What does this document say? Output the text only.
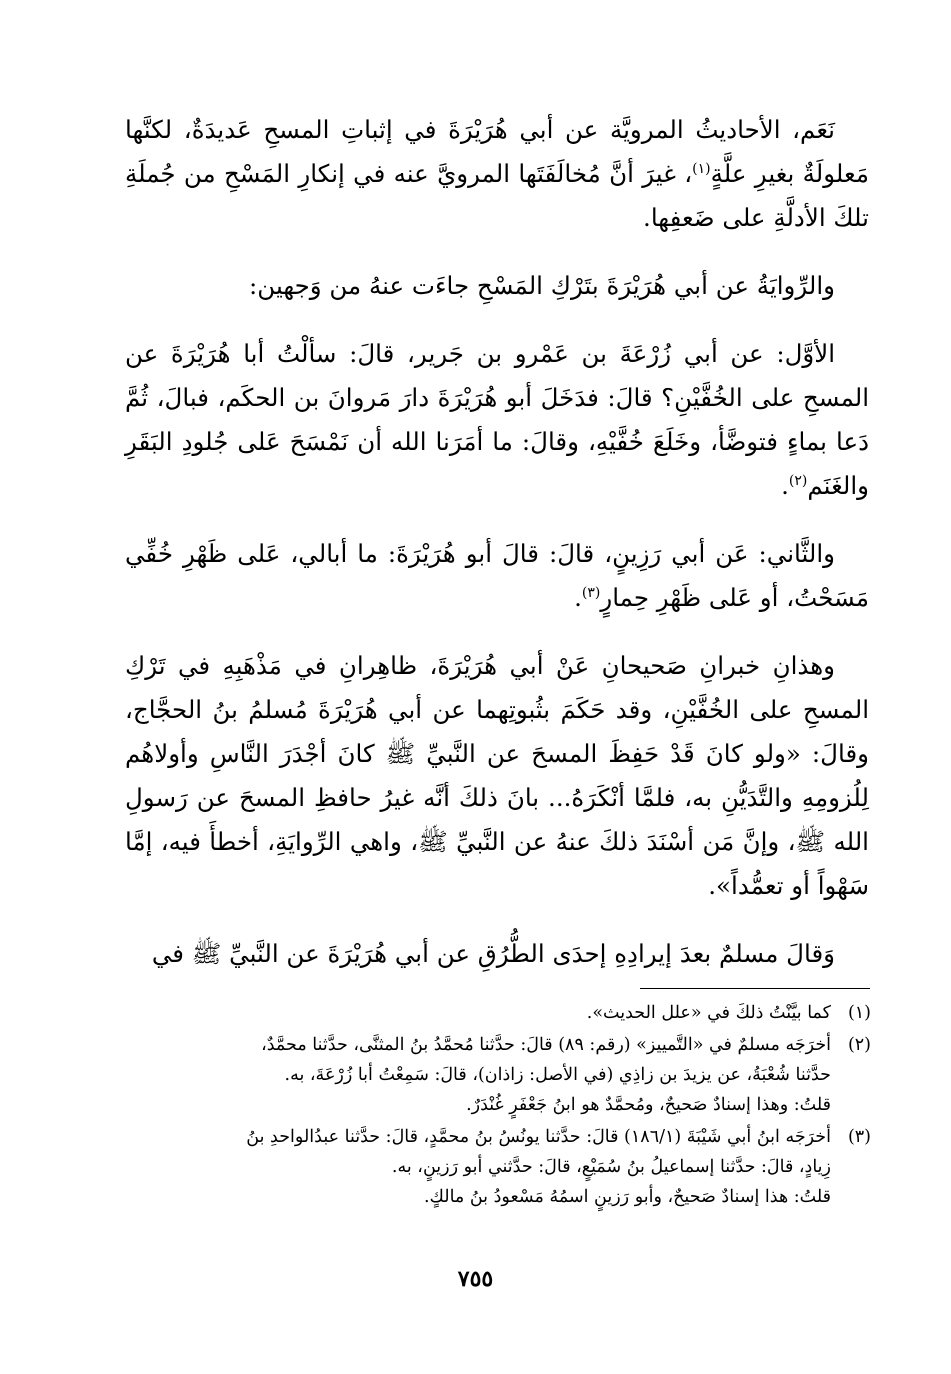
نَعَم، الأحاديثُ المرويَّة عن أبي هُرَيْرَةَ في إثباتِ المسحِ عَديدَةٌ، لكنَّها مَعلولَةٌ بغيرِ علَّةٍ$^{(١)}$، غيرَ أنَّ مُخالَفَتَها المرويَّ عنه في إنكارِ المَسْحِ من جُملَةِ تلكَ الأدلَّةِ على ضَعفِها.

والرِّوايَةُ عن أبي هُرَيْرَةَ بتَرْكِ المَسْحِ جاءَت عنهُ من وَجهين:

الأوَّل: عن أبي زُرْعَةَ بن عَمْرو بن جَرير، قالَ: سألْتُ أبا هُرَيْرَةَ عن المسحِ على الخُفَّيْنِ؟ قالَ: فدَخَلَ أبو هُرَيْرَةَ دارَ مَروانَ بن الحكَم، فبالَ، ثُمَّ دَعا بماءٍ فتوضَّأ، وخَلَعَ خُفَّيْهِ، وقالَ: ما أمَرَنا الله أن نَمْسَحَ عَلى جُلودِ البَقَرِ والغَنَم$^{(٢)}$.

والثَّاني: عَن أبي رَزِينٍ، قالَ: قالَ أبو هُرَيْرَةَ: ما أبالي، عَلى ظَهْرِ خُفِّي مَسَحْتُ، أو عَلى ظَهْرِ حِمارٍ$^{(٣)}$.

وهذانِ خبرانِ صَحيحانِ عَنْ أبي هُرَيْرَةَ، ظاهِرانِ في مَذْهَبِهِ في تَرْكِ المسحِ على الخُفَّيْنِ، وقد حَكَمَ بثُبوتِهما عن أبي هُرَيْرَةَ مُسلمُ بنُ الحجَّاج، وقالَ: «ولو كانَ قَدْ حَفِظَ المسحَ عن النَّبيِّ ﷺ كانَ أجْدَرَ النَّاسِ وأولاهُم لِلُزومِهِ والتَّدَيُّنِ به، فلمَّا أنْكَرَهُ... بانَ ذلكَ أنَّه غيرُ حافظِ المسحَ عن رَسولِ الله ﷺ، وإنَّ مَن أسْنَدَ ذلكَ عنهُ عن النَّبيِّ ﷺ، واهي الرِّوايَةِ، أخطأَ فيه، إمَّا سَهْواً أو تعمُّداً».

وَقالَ مسلمٌ بعدَ إيرادِهِ إحدَى الطُّرُقِ عن أبي هُرَيْرَةَ عن النَّبيِّ ﷺ في

(١)
كما بيَّنْتُ ذلكَ في «علل الحديث».
(٢)
أخرَجَه مسلمٌ في «التَّمييز» (رقم: ٨٩) قالَ: حدَّثنا مُحمَّدُ بنُ المثنَّى، حدَّثنا محمَّدٌ،
حدَّثنا شُعْبَةُ، عن يزيدَ بن زاذِي (في الأصل: زاذان)، قالَ: سَمِعْتُ أبا زُرْعَةَ، به.
قلتُ: وهذا إسنادٌ صَحيحٌ، ومُحمَّدٌ هو ابنُ جَعْفَرٍ غُنْدَرٌ.
(٣)
أخرَجَه ابنُ أبي شَيْبَةَ (١٨٦/١) قالَ: حدَّثنا يونُسُ بنُ محمَّدٍ، قالَ: حدَّثنا عبدُالواحدِ بنُ
زِيادٍ، قالَ: حدَّثنا إسماعيلُ بنُ سُمَيْعٍ، قالَ: حدَّثني أبو رَزينٍ، به.
قلتُ: هذا إسنادٌ صَحيحٌ، وأبو رَزينٍ اسمُهُ مَسْعودُ بنُ مالكٍ.
٧٥٥
